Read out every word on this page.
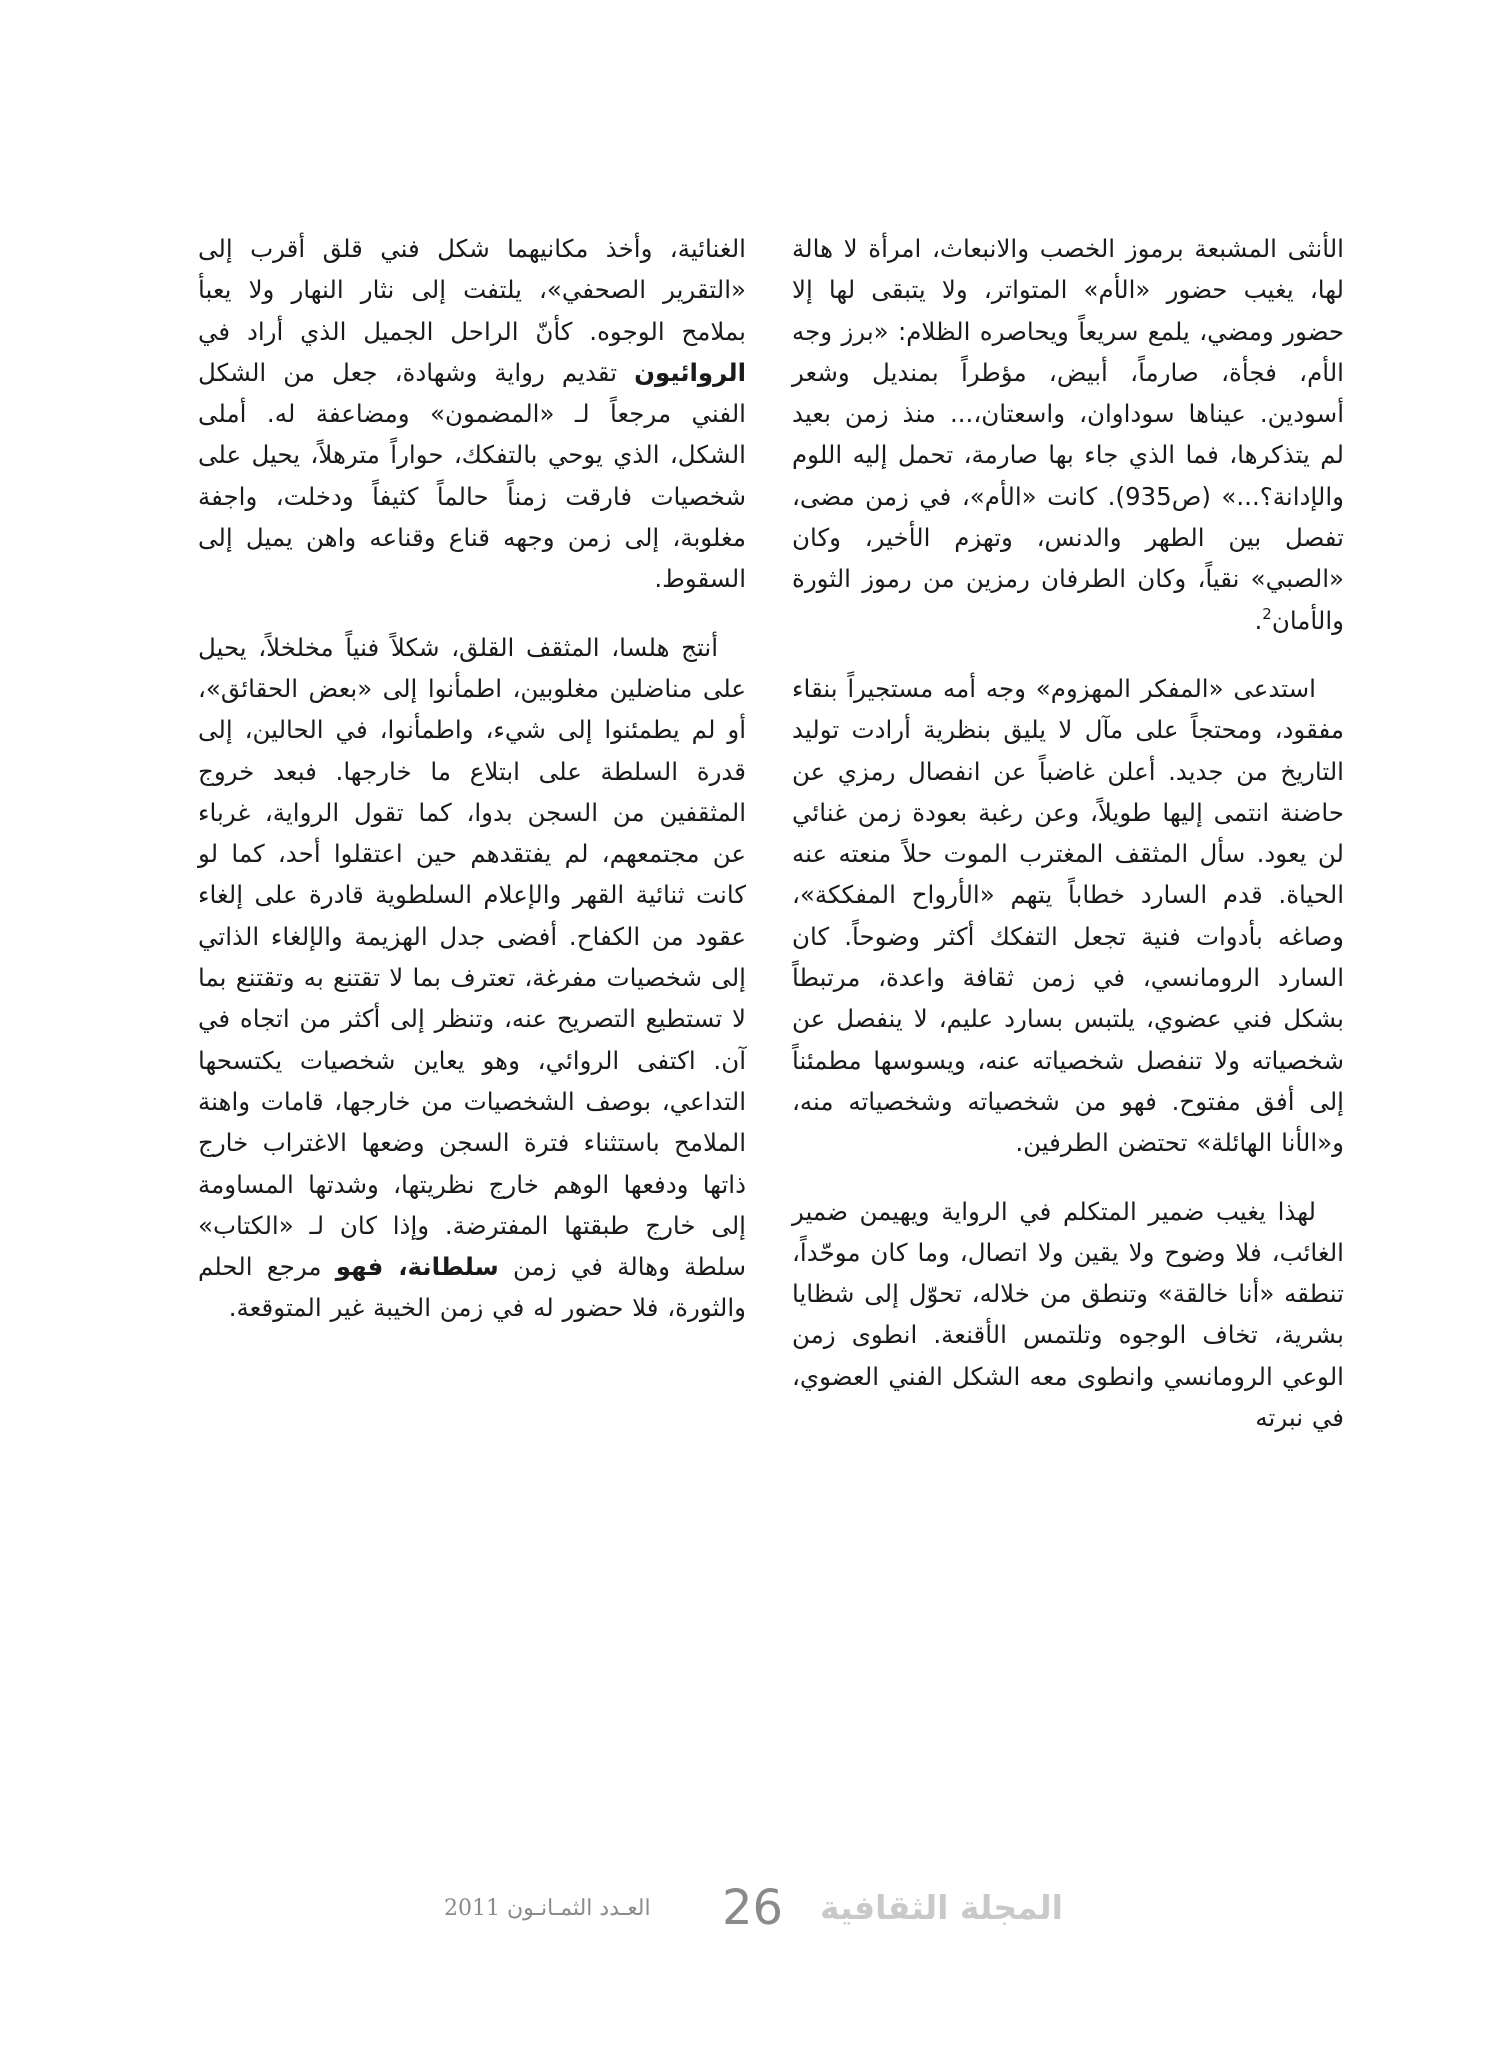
الأنثى المشبعة برموز الخصب والانبعاث، امرأة لا هالة لها، يغيب حضور «الأم» المتواتر، ولا يتبقى لها إلا حضور ومضي، يلمع سريعاً ويحاصره الظلام: «برز وجه الأم، فجأة، صارماً، أبيض، مؤطراً بمنديل وشعر أسودين. عيناها سوداوان، واسعتان،... منذ زمن بعيد لم يتذكرها، فما الذي جاء بها صارمة، تحمل إليه اللوم والإدانة؟...» (ص935). كانت «الأم»، في زمن مضى، تفصل بين الطهر والدنس، وتهزم الأخير، وكان «الصبي» نقياً، وكان الطرفان رمزين من رموز الثورة والأمان$^2$.

استدعى «المفكر المهزوم» وجه أمه مستجيراً بنقاء مفقود، ومحتجاً على مآل لا يليق بنظرية أرادت توليد التاريخ من جديد. أعلن غاضباً عن انفصال رمزي عن حاضنة انتمى إليها طويلاً، وعن رغبة بعودة زمن غنائي لن يعود. سأل المثقف المغترب الموت حلاً منعته عنه الحياة. قدم السارد خطاباً يتهم «الأرواح المفككة»، وصاغه بأدوات فنية تجعل التفكك أكثر وضوحاً. كان السارد الرومانسي، في زمن ثقافة واعدة، مرتبطاً بشكل فني عضوي، يلتبس بسارد عليم، لا ينفصل عن شخصياته ولا تنفصل شخصياته عنه، ويسوسها مطمئناً إلى أفق مفتوح. فهو من شخصياته وشخصياته منه، و«الأنا الهائلة» تحتضن الطرفين.

لهذا يغيب ضمير المتكلم في الرواية ويهيمن ضمير الغائب، فلا وضوح ولا يقين ولا اتصال، وما كان موحّداً، تنطقه «أنا خالقة» وتنطق من خلاله، تحوّل إلى شظايا بشرية، تخاف الوجوه وتلتمس الأقنعة. انطوى زمن الوعي الرومانسي وانطوى معه الشكل الفني العضوي، في نبرته

الغنائية، وأخذ مكانيهما شكل فني قلق أقرب إلى «التقرير الصحفي»، يلتفت إلى نثار النهار ولا يعبأ بملامح الوجوه. كأنّ الراحل الجميل الذي أراد في الروائيون تقديم رواية وشهادة، جعل من الشكل الفني مرجعاً لـ «المضمون» ومضاعفة له. أملى الشكل، الذي يوحي بالتفكك، حواراً مترهلاً، يحيل على شخصيات فارقت زمناً حالماً كثيفاً ودخلت، واجفة مغلوبة، إلى زمن وجهه قناع وقناعه واهن يميل إلى السقوط.

أنتج هلسا، المثقف القلق، شكلاً فنياً مخلخلاً، يحيل على مناضلين مغلوبين، اطمأنوا إلى «بعض الحقائق»، أو لم يطمئنوا إلى شيء، واطمأنوا، في الحالين، إلى قدرة السلطة على ابتلاع ما خارجها. فبعد خروج المثقفين من السجن بدوا، كما تقول الرواية، غرباء عن مجتمعهم، لم يفتقدهم حين اعتقلوا أحد، كما لو كانت ثنائية القهر والإعلام السلطوية قادرة على إلغاء عقود من الكفاح. أفضى جدل الهزيمة والإلغاء الذاتي إلى شخصيات مفرغة، تعترف بما لا تقتنع به وتقتنع بما لا تستطيع التصريح عنه، وتنظر إلى أكثر من اتجاه في آن. اكتفى الروائي، وهو يعاين شخصيات يكتسحها التداعي، بوصف الشخصيات من خارجها، قامات واهنة الملامح باستثناء فترة السجن وضعها الاغتراب خارج ذاتها ودفعها الوهم خارج نظريتها، وشدتها المساومة إلى خارج طبقتها المفترضة. وإذا كان لـ «الكتاب» سلطة وهالة في زمن سلطانة، فهو مرجع الحلم والثورة، فلا حضور له في زمن الخيبة غير المتوقعة.

المجلة الثقافية
26
العـدد الثمـانـون 2011
